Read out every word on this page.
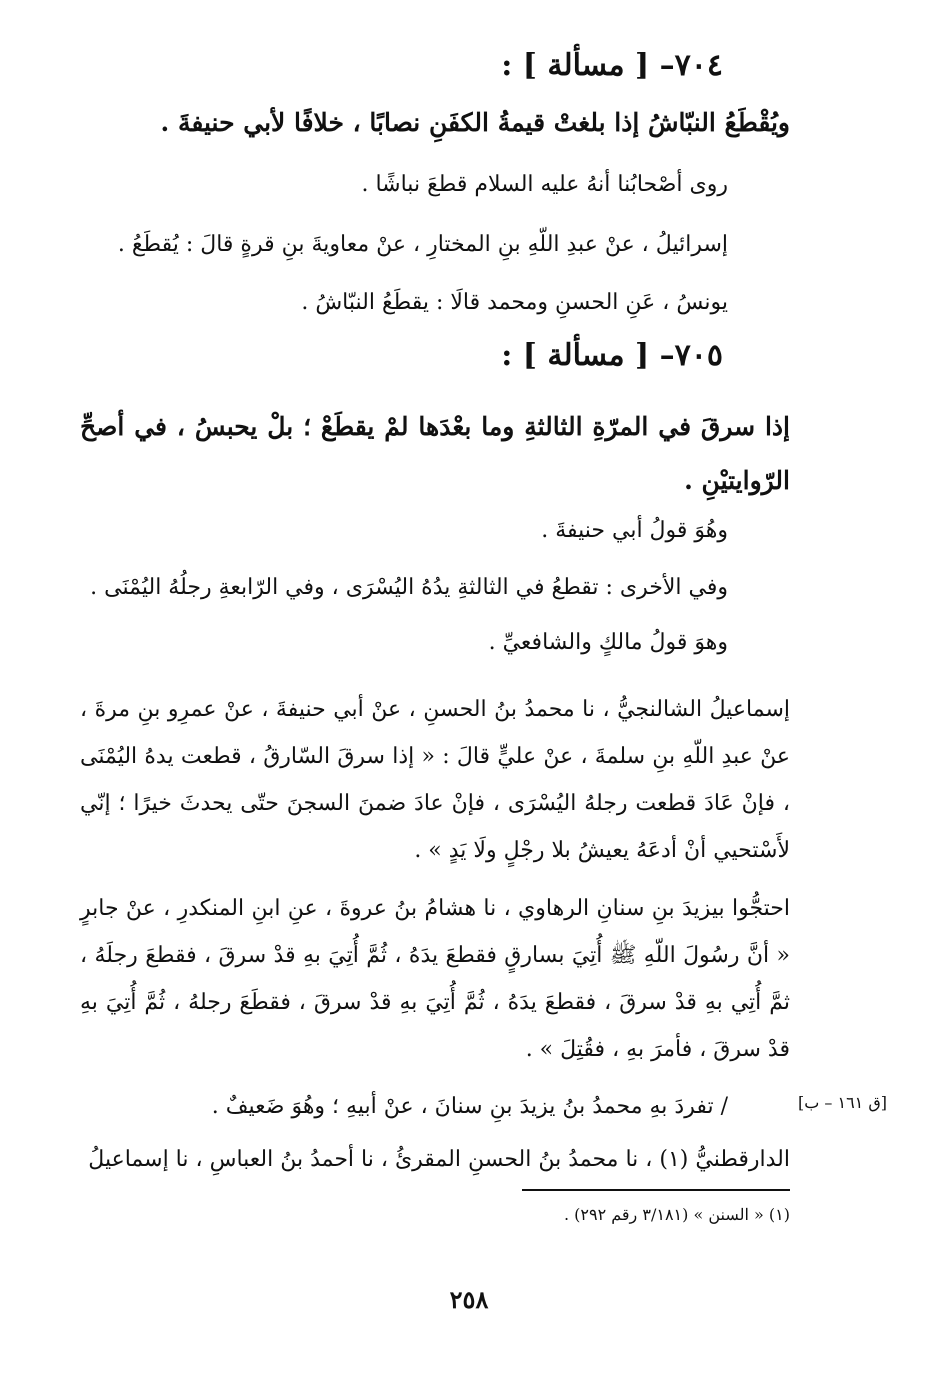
٧٠٤– [ مسألة ] :
ويُقْطَعُ النبّاشُ إذا بلغتْ قيمةُ الكفَنِ نصابًا ، خلافًا لأبي حنيفةَ .
روى أصْحابُنا أنهُ عليه السلام قطعَ نباشًا .
إسرائيلُ ، عنْ عبدِ اللّهِ بنِ المختارِ ، عنْ معاويةَ بنِ قرةٍ قالَ : يُقطَعُ .
يونسُ ، عَنِ الحسنِ ومحمد قالَا : يقطَعُ النبّاشُ .
٧٠٥– [ مسألة ] :
إذا سرقَ في المرّةِ الثالثةِ وما بعْدَها لمْ يقطَعْ ؛ بلْ يحبسُ ، في أصحِّ الرّوايتيْنِ .
وهُوَ قولُ أبي حنيفةَ .
وفي الأخرى : تقطعُ في الثالثةِ يدُهُ اليُسْرَى ، وفي الرّابعةِ رجلُهُ اليُمْنَى .
وهوَ قولُ مالكٍ والشافعيِّ .
إسماعيلُ الشالنجيُّ ، نا محمدُ بنُ الحسنِ ، عنْ أبي حنيفةَ ، عنْ عمرِو بنِ مرةَ ، عنْ عبدِ اللّهِ بنِ سلمةَ ، عنْ عليٍّ قالَ : « إذا سرقَ السّارقُ ، قطعت يدهُ اليُمْنَى ، فإنْ عَادَ قطعت رجلهُ اليُسْرَى ، فإنْ عادَ ضمنَ السجنَ حتّى يحدثَ خيرًا ؛ إنّي لأَسْتحيي أنْ أدعَهُ يعيشُ بلا رجْلٍ ولَا يَدٍ » .
احتجُّوا بيزيدَ بنِ سنانِ الرهاوي ، نا هشامُ بنُ عروةَ ، عنِ ابنِ المنكدرِ ، عنْ جابرٍ « أنَّ رسُولَ اللّهِ ﷺ أُتِيَ بسارقٍ فقطعَ يدَهُ ، ثُمَّ أُتِيَ بهِ قدْ سرقَ ، فقطعَ رجلَهُ ، ثمَّ أُتِي بهِ قدْ سرقَ ، فقطعَ يدَهُ ، ثُمَّ أُتِيَ بهِ قدْ سرقَ ، فقطَعَ رجلهُ ، ثُمَّ أُتِيَ بهِ قدْ سرقَ ، فأمرَ بهِ ، فقُتِلَ » .
/ تفردَ بهِ محمدُ بنُ يزيدَ بنِ سنانَ ، عنْ أبيهِ ؛ وهُوَ ضَعيفٌ .
الدارقطنيُّ (١) ، نا محمدُ بنُ الحسنِ المقرئُ ، نا أحمدُ بنُ العباسِ ، نا إسماعيلُ
[ق ١٦١ – ب]
(١) « السنن » (٣/١٨١ رقم ٢٩٢) .
٢٥٨
